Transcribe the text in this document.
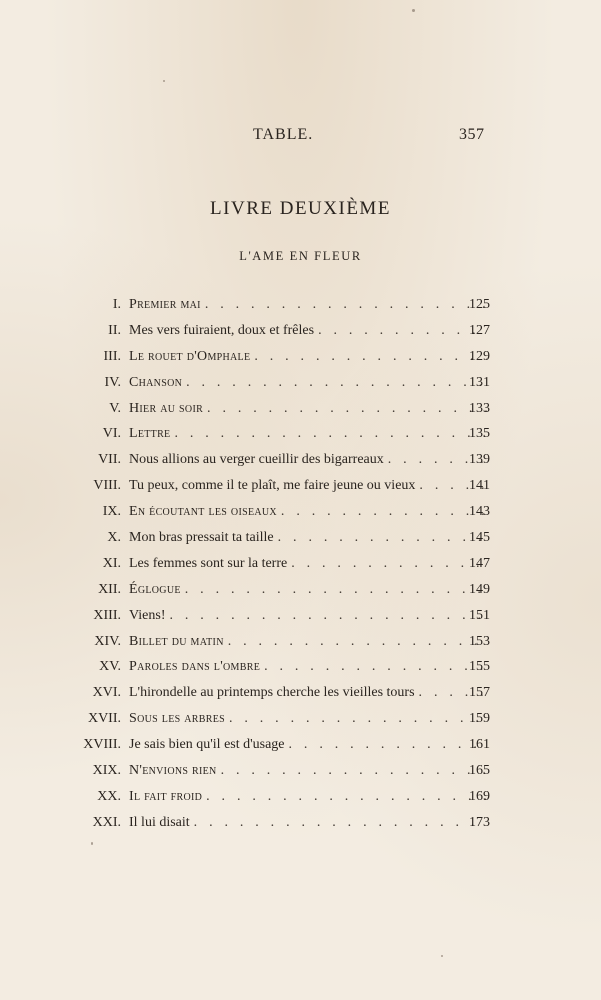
TABLE.	357
LIVRE DEUXIÈME
L'AME EN FLEUR
I. Premier mai . . .	125
II. Mes vers fuiraient, doux et frêles . . .	127
III. Le rouet d'Omphale . . .	129
IV. Chanson . . .	131
V. Hier au soir . . .	133
VI. Lettre . . .	135
VII. Nous allions au verger cueillir des bigarreaux . . .	139
VIII. Tu peux, comme il te plaît, me faire jeune ou vieux . . .	141
IX. En écoutant les oiseaux . . .	143
X. Mon bras pressait ta taille . . .	145
XI. Les femmes sont sur la terre . . .	147
XII. Églogue . . .	149
XIII. Viens! . . .	151
XIV. Billet du matin . . .	153
XV. Paroles dans l'ombre . . .	155
XVI. L'hirondelle au printemps cherche les vieilles tours . . .	157
XVII. Sous les arbres . . .	159
XVIII. Je sais bien qu'il est d'usage . . .	161
XIX. N'envions rien . . .	165
XX. Il fait froid . . .	169
XXI. Il lui disait . . .	173
